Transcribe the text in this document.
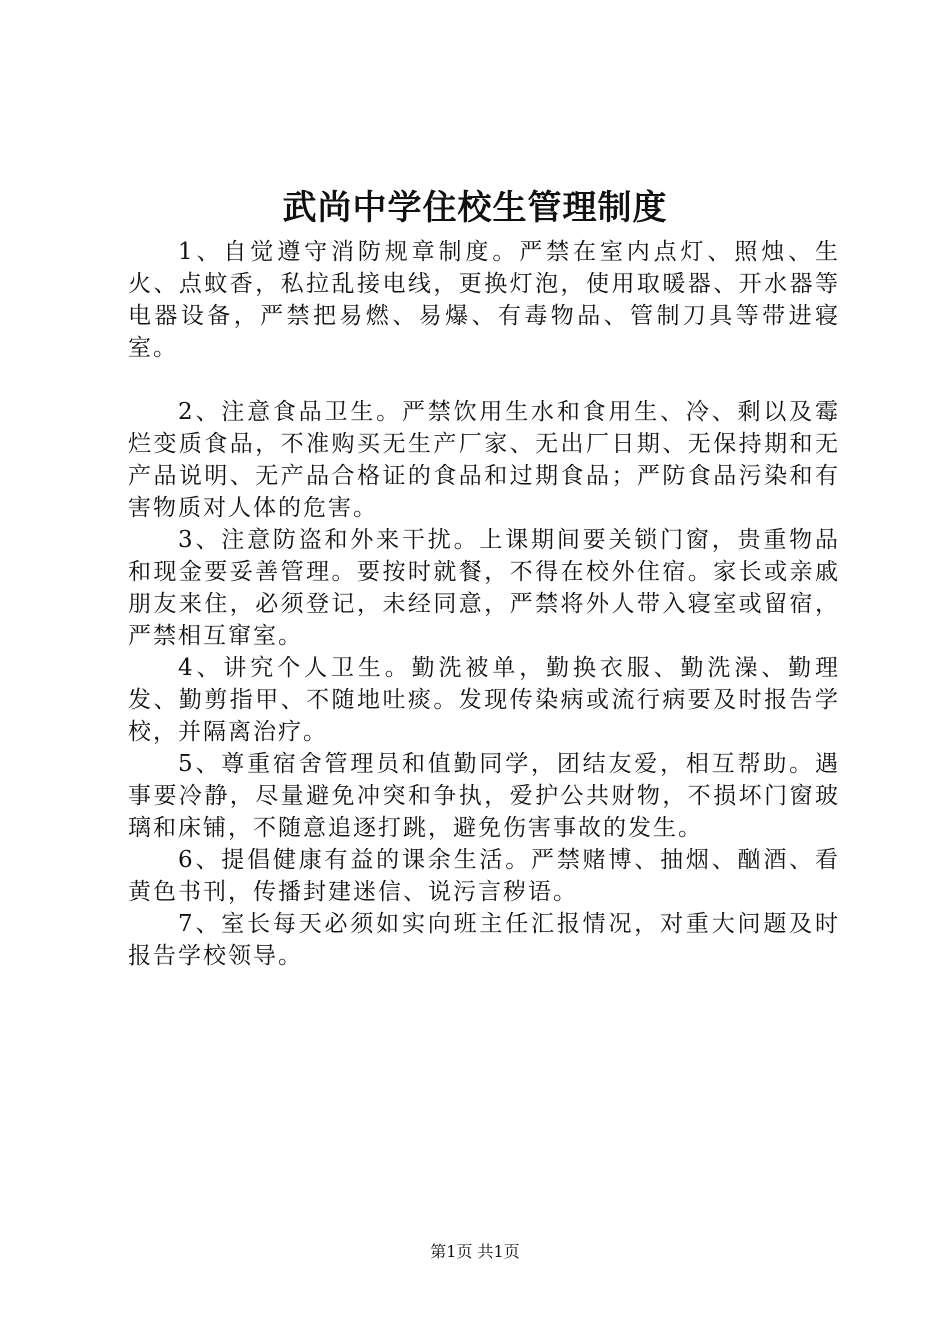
武尚中学住校生管理制度

1、自觉遵守消防规章制度。严禁在室内点灯、照烛、生火、点蚊香，私拉乱接电线，更换灯泡，使用取暖器、开水器等电器设备，严禁把易燃、易爆、有毒物品、管制刀具等带进寝室。

2、注意食品卫生。严禁饮用生水和食用生、冷、剩以及霉烂变质食品，不准购买无生产厂家、无出厂日期、无保持期和无产品说明、无产品合格证的食品和过期食品；严防食品污染和有害物质对人体的危害。

3、注意防盗和外来干扰。上课期间要关锁门窗，贵重物品和现金要妥善管理。要按时就餐，不得在校外住宿。家长或亲戚朋友来住，必须登记，未经同意，严禁将外人带入寝室或留宿，严禁相互窜室。

4、讲究个人卫生。勤洗被单，勤换衣服、勤洗澡、勤理发、勤剪指甲、不随地吐痰。发现传染病或流行病要及时报告学校，并隔离治疗。

5、尊重宿舍管理员和值勤同学，团结友爱，相互帮助。遇事要冷静，尽量避免冲突和争执，爱护公共财物，不损坏门窗玻璃和床铺，不随意追逐打跳，避免伤害事故的发生。

6、提倡健康有益的课余生活。严禁赌博、抽烟、酗酒、看黄色书刊，传播封建迷信、说污言秽语。

7、室长每天必须如实向班主任汇报情况，对重大问题及时报告学校领导。

第1页 共1页
